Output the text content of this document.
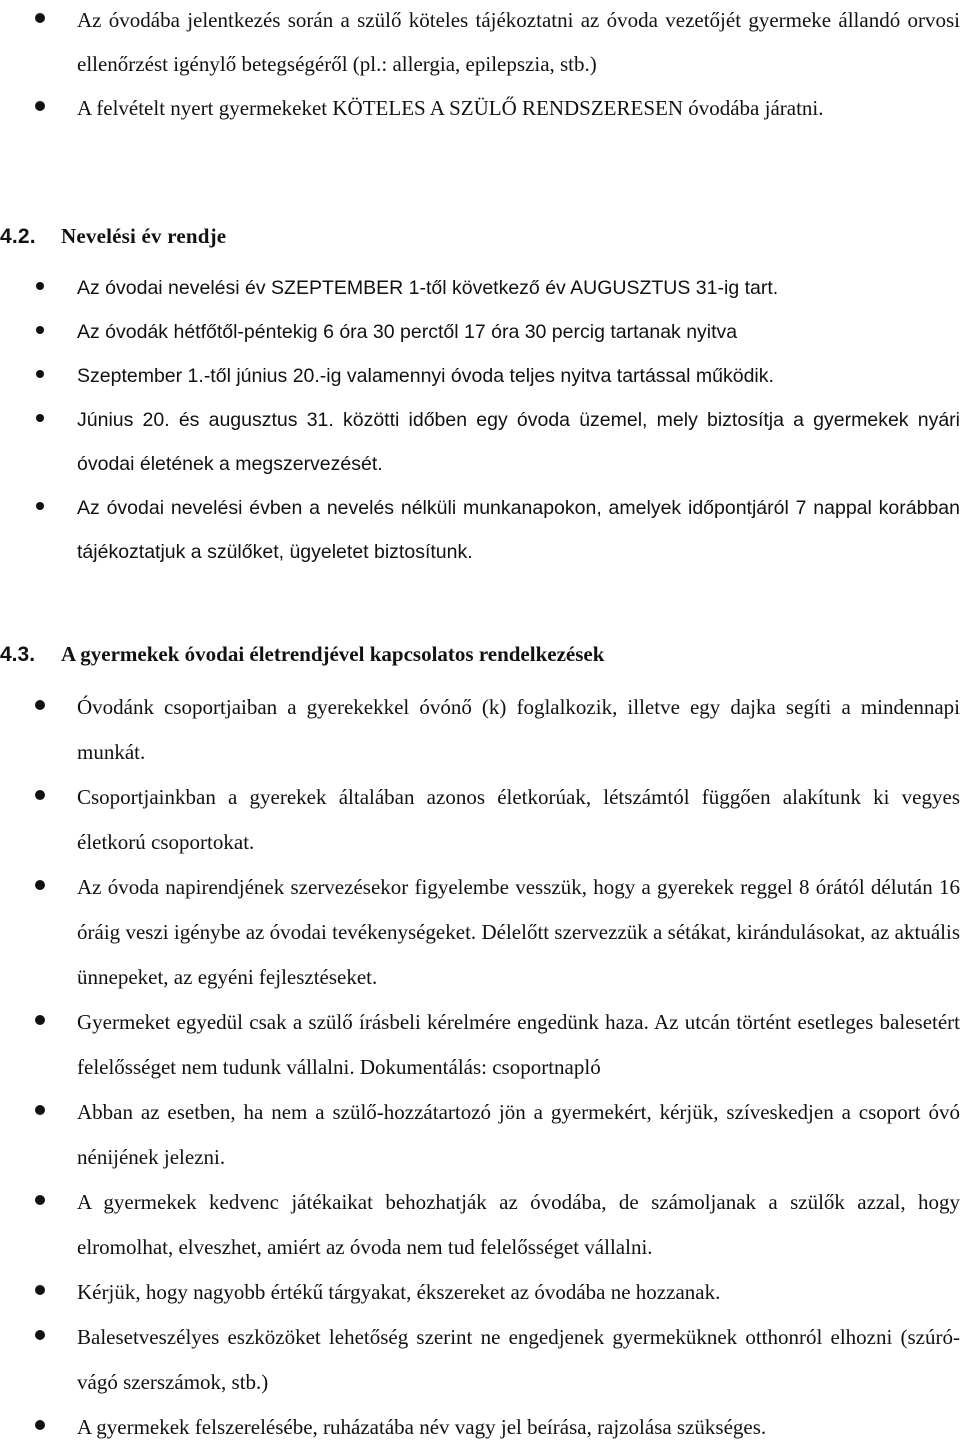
Az óvodába jelentkezés során a szülő köteles tájékoztatni az óvoda vezetőjét gyermeke állandó orvosi ellenőrzést igénylő betegségéről (pl.: allergia, epilepszia, stb.)
A felvételt nyert gyermekeket KÖTELES A SZÜLŐ RENDSZERESEN óvodába járatni.
4.2. Nevelési év rendje
Az óvodai nevelési év SZEPTEMBER 1-től következő év AUGUSZTUS 31-ig tart.
Az óvodák hétfőtől-péntekig 6 óra 30 perctől 17 óra 30 percig tartanak nyitva
Szeptember 1.-től június 20.-ig valamennyi óvoda teljes nyitva tartással működik.
Június 20. és augusztus 31. közötti időben egy óvoda üzemel, mely biztosítja a gyermekek nyári óvodai életének a megszervezését.
Az óvodai nevelési évben a nevelés nélküli munkanapokon, amelyek időpontjáról 7 nappal korábban tájékoztatjuk a szülőket, ügyeletet biztosítunk.
4.3. A gyermekek óvodai életrendjével kapcsolatos rendelkezések
Óvodánk csoportjaiban a gyerekekkel óvónő (k) foglalkozik, illetve egy dajka segíti a mindennapi munkát.
Csoportjainkban a gyerekek általában azonos életkorúak, létszámtól függően alakítunk ki vegyes életkorú csoportokat.
Az óvoda napirendjének szervezésekor figyelembe vesszük, hogy a gyerekek reggel 8 órától délután 16 óráig veszi igénybe az óvodai tevékenységeket. Délelőtt szervezzük a sétákat, kirándulásokat, az aktuális ünnepeket, az egyéni fejlesztéseket.
Gyermeket egyedül csak a szülő írásbeli kérelmére engedünk haza. Az utcán történt esetleges balesetért felelősséget nem tudunk vállalni. Dokumentálás: csoportnapló
Abban az esetben, ha nem a szülő-hozzátartozó jön a gyermekért, kérjük, szíveskedjen a csoport óvó nénijének jelezni.
A gyermekek kedvenc játékaikat behozhatják az óvodába, de számoljanak a szülők azzal, hogy elromolhat, elveszhet, amiért az óvoda nem tud felelősséget vállalni.
Kérjük, hogy nagyobb értékű tárgyakat, ékszereket az óvodába ne hozzanak.
Balesetveszélyes eszközöket lehetőség szerint ne engedjenek gyermeküknek otthonról elhozni (szúró-vágó szerszámok, stb.)
A gyermekek felszerelésébe, ruházatába név vagy jel beírása, rajzolása szükséges.
